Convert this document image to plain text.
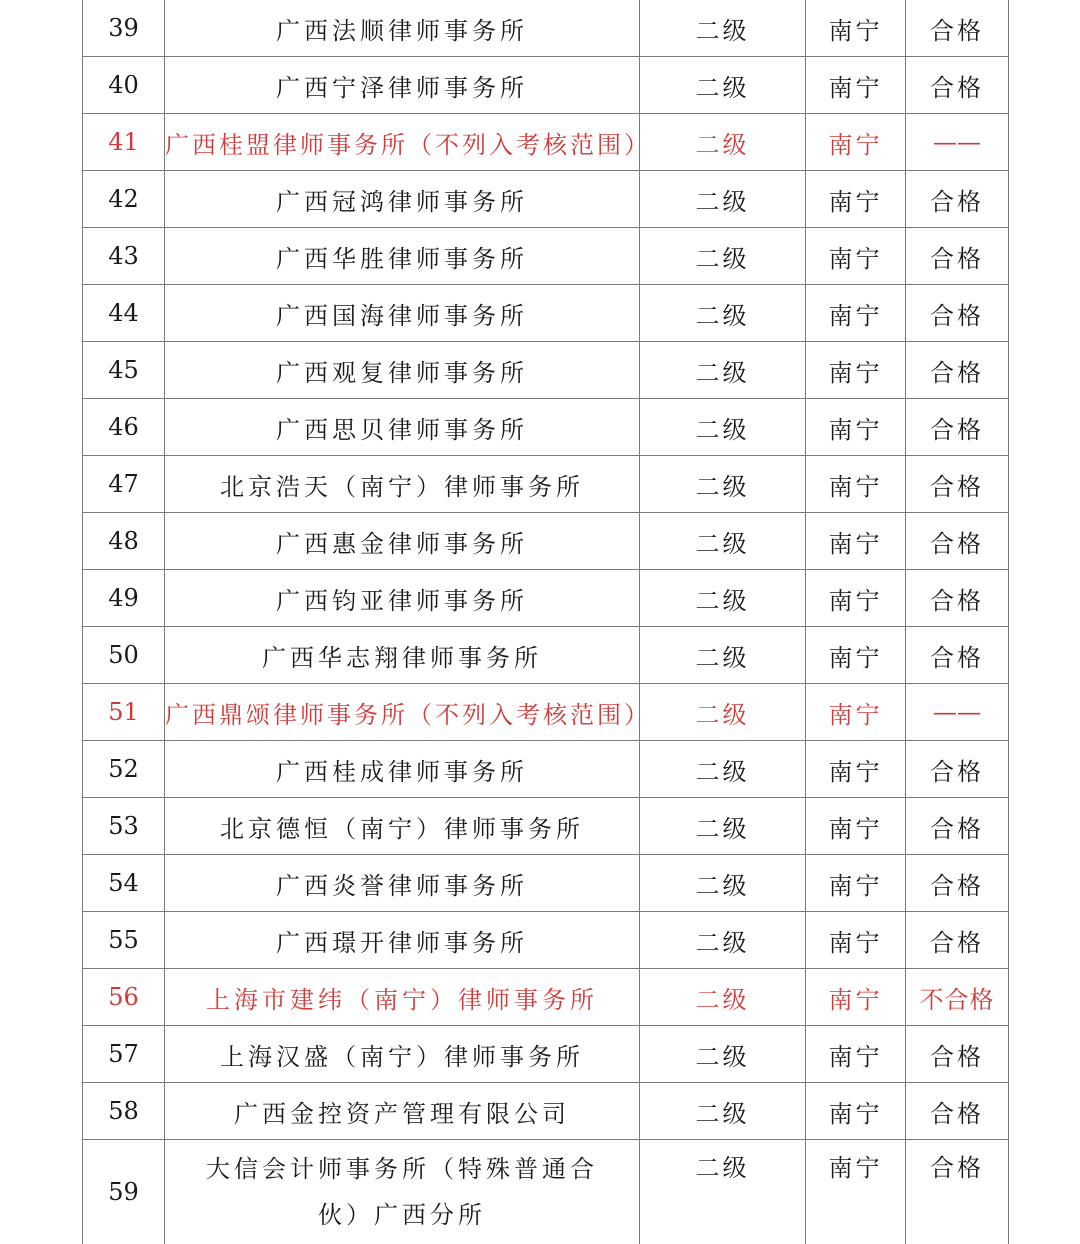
39	广西法顺律师事务所	二级	南宁	合格
40	广西宁泽律师事务所	二级	南宁	合格
41	广西桂盟律师事务所（不列入考核范围）	二级	南宁	——
42	广西冠鸿律师事务所	二级	南宁	合格
43	广西华胜律师事务所	二级	南宁	合格
44	广西国海律师事务所	二级	南宁	合格
45	广西观复律师事务所	二级	南宁	合格
46	广西思贝律师事务所	二级	南宁	合格
47	北京浩天（南宁）律师事务所	二级	南宁	合格
48	广西惠金律师事务所	二级	南宁	合格
49	广西钧亚律师事务所	二级	南宁	合格
50	广西华志翔律师事务所	二级	南宁	合格
51	广西鼎颂律师事务所（不列入考核范围）	二级	南宁	——
52	广西桂成律师事务所	二级	南宁	合格
53	北京德恒（南宁）律师事务所	二级	南宁	合格
54	广西炎誉律师事务所	二级	南宁	合格
55	广西璟开律师事务所	二级	南宁	合格
56	上海市建纬（南宁）律师事务所	二级	南宁	不合格
57	上海汉盛（南宁）律师事务所	二级	南宁	合格
58	广西金控资产管理有限公司	二级	南宁	合格
59	大信会计师事务所（特殊普通合伙）广西分所	二级	南宁	合格
